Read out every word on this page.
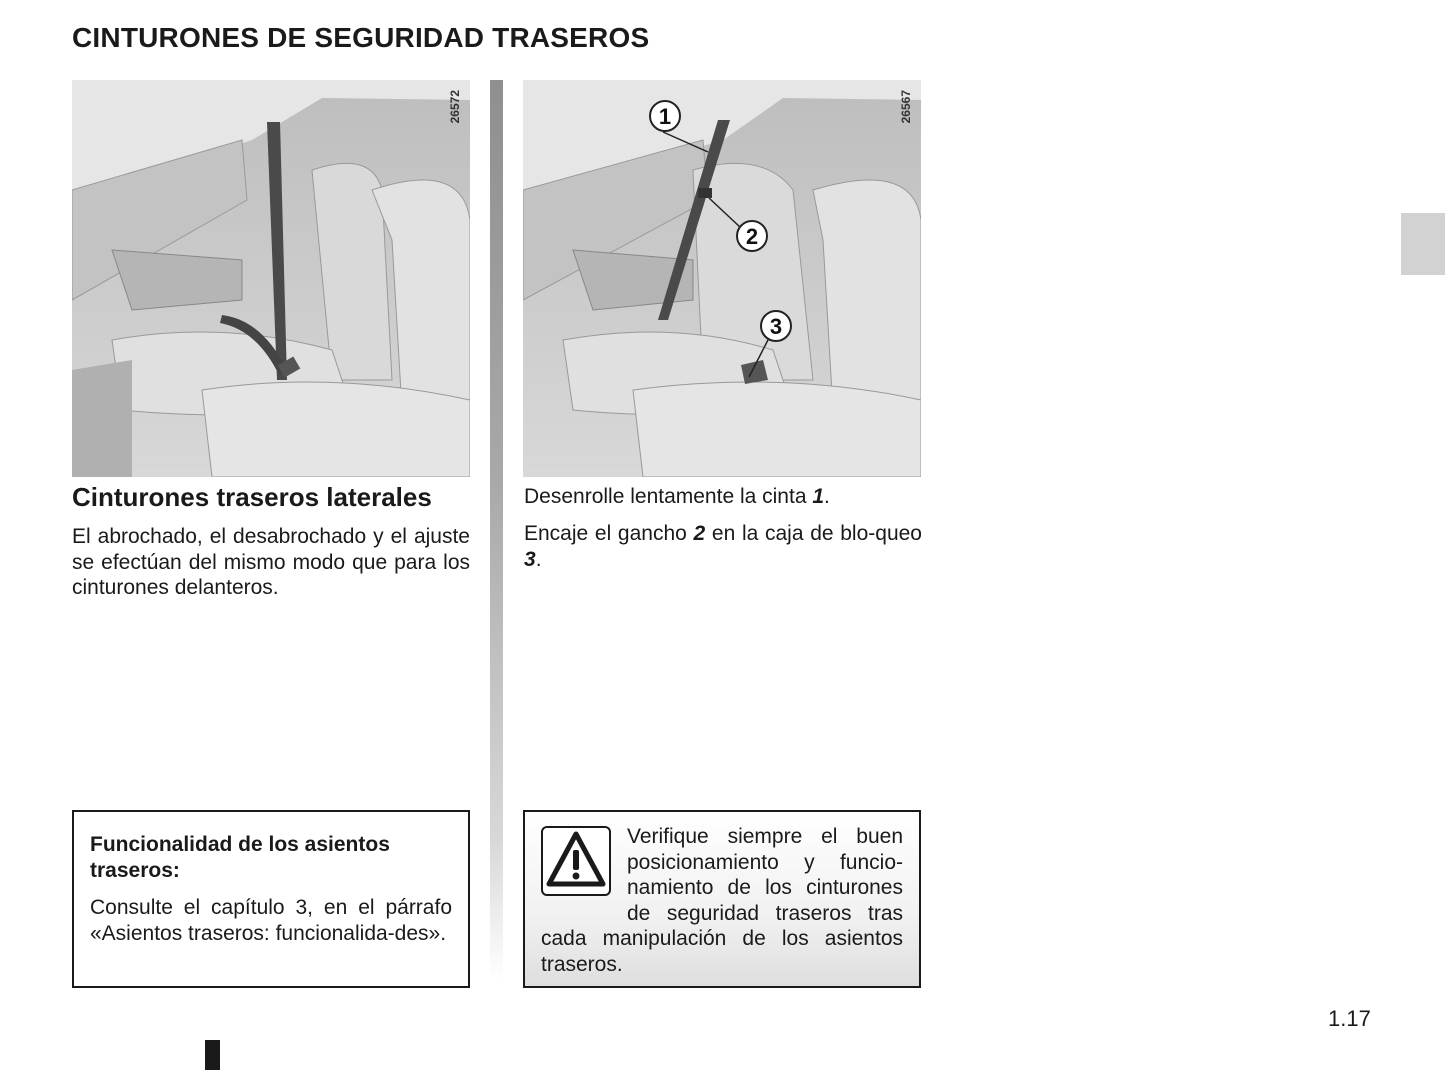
CINTURONES DE SEGURIDAD TRASEROS
26572	1
2
3
26567
Cinturones traseros laterales

El abrochado, el desabrochado y el ajuste se efectúan del mismo modo que para los cinturones delanteros.

Desenrolle lentamente la cinta 1.

Encaje el gancho 2 en la caja de blo-queo 3.

Funcionalidad de los asientos traseros:

Consulte el capítulo 3, en el párrafo «Asientos traseros: funcionalida-des».

Verifique siempre el buen posicionamiento y funcio-namiento de los cinturones de seguridad traseros tras cada manipulación de los asientos traseros.

1.17
